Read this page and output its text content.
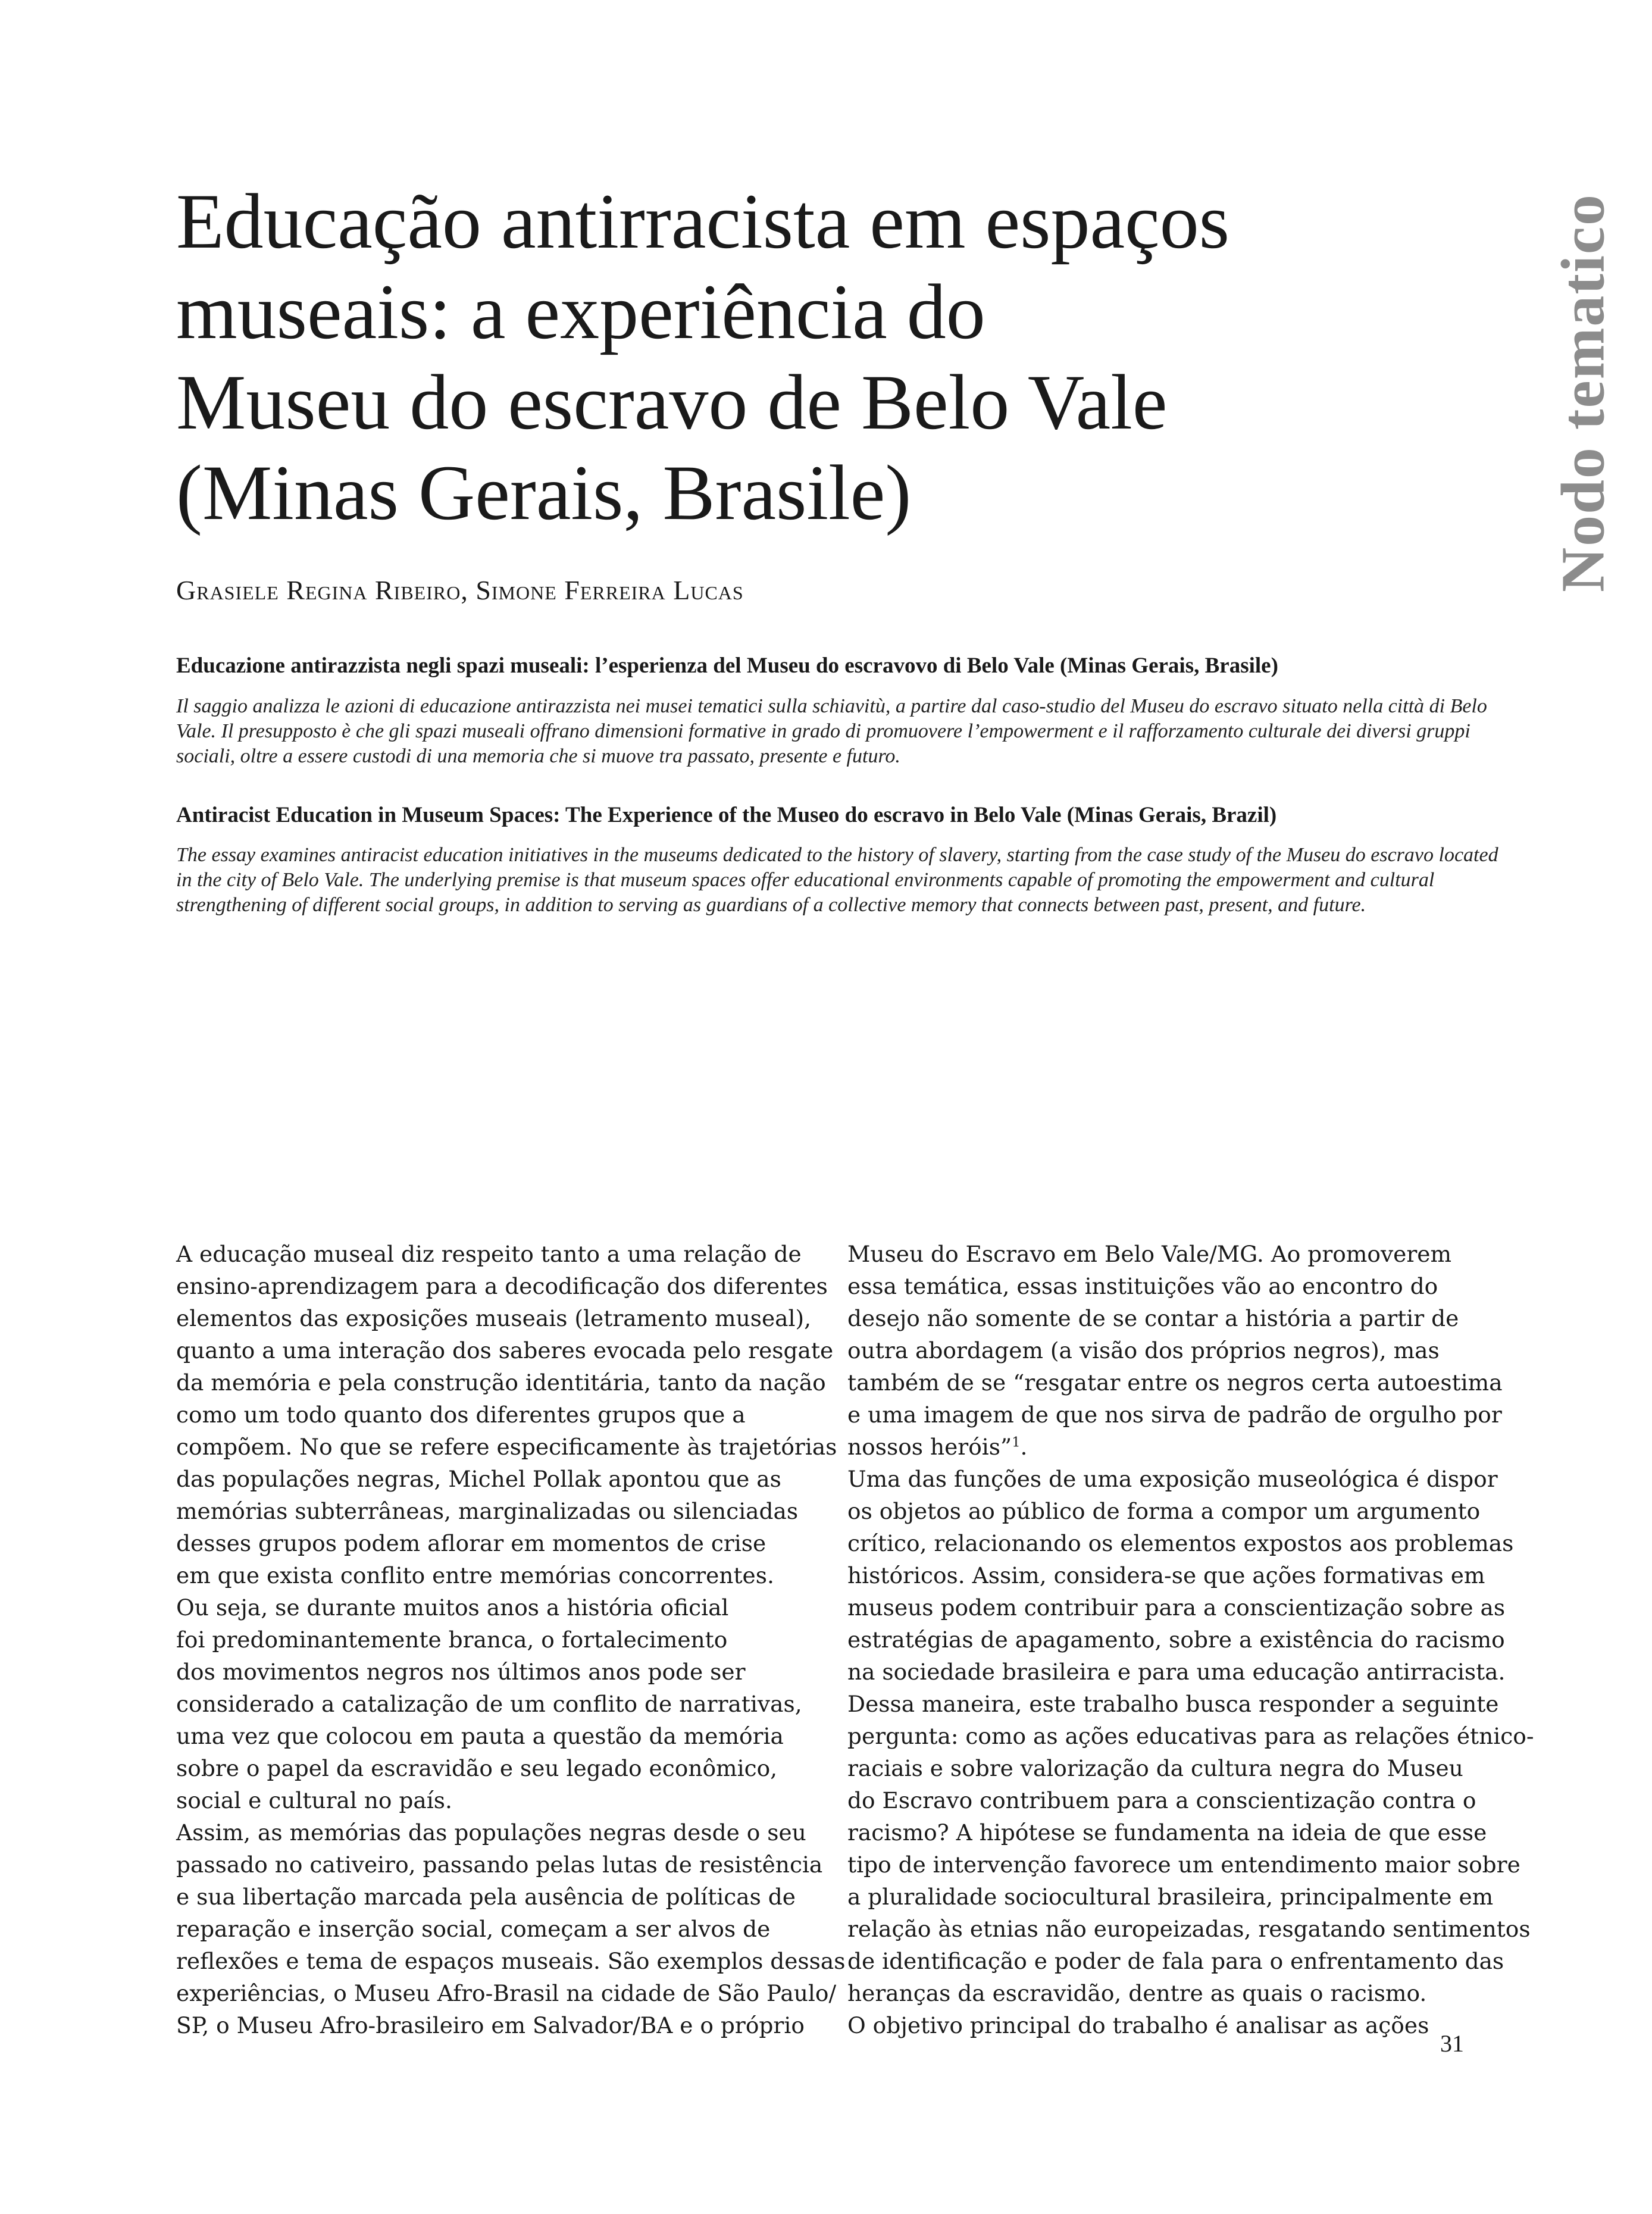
Educação antirracista em espaços
museais: a experiência do
Museu do escravo de Belo Vale
(Minas Gerais, Brasile)	Nodo tematico
Grasiele Regina Ribeiro, Simone Ferreira Lucas
Educazione antirazzista negli spazi museali: l’esperienza del Museu do escravovo di Belo Vale (Minas Gerais, Brasile)
Il saggio analizza le azioni di educazione antirazzista nei musei tematici sulla schiavitù, a partire dal caso-studio del Museu do escravo situato nella città di Belo
Vale. Il presupposto è che gli spazi museali offrano dimensioni formative in grado di promuovere l’empowerment e il rafforzamento culturale dei diversi gruppi
sociali, oltre a essere custodi di una memoria che si muove tra passato, presente e futuro.
Antiracist Education in Museum Spaces: The Experience of the Museo do escravo in Belo Vale (Minas Gerais, Brazil)
The essay examines antiracist education initiatives in the museums dedicated to the history of slavery, starting from the case study of the Museu do escravo located
in the city of Belo Vale. The underlying premise is that museum spaces offer educational environments capable of promoting the empowerment and cultural
strengthening of different social groups, in addition to serving as guardians of a collective memory that connects between past, present, and future.
A educação museal diz respeito tanto a uma relação de
ensino-aprendizagem para a decodificação dos diferentes
elementos das exposições museais (letramento museal),
quanto a uma interação dos saberes evocada pelo resgate
da memória e pela construção identitária, tanto da nação
como um todo quanto dos diferentes grupos que a
compõem. No que se refere especificamente às trajetórias
das populações negras, Michel Pollak apontou que as
memórias subterrâneas, marginalizadas ou silenciadas
desses grupos podem aflorar em momentos de crise
em que exista conflito entre memórias concorrentes.
Ou seja, se durante muitos anos a história oficial
foi predominantemente branca, o fortalecimento
dos movimentos negros nos últimos anos pode ser
considerado a catalização de um conflito de narrativas,
uma vez que colocou em pauta a questão da memória
sobre o papel da escravidão e seu legado econômico,
social e cultural no país.
Assim, as memórias das populações negras desde o seu
passado no cativeiro, passando pelas lutas de resistência
e sua libertação marcada pela ausência de políticas de
reparação e inserção social, começam a ser alvos de
reflexões e tema de espaços museais. São exemplos dessas
experiências, o Museu Afro-Brasil na cidade de São Paulo/
SP, o Museu Afro-brasileiro em Salvador/BA e o próprio
Museu do Escravo em Belo Vale/MG. Ao promoverem
essa temática, essas instituições vão ao encontro do
desejo não somente de se contar a história a partir de
outra abordagem (a visão dos próprios negros), mas
também de se “resgatar entre os negros certa autoestima
e uma imagem de que nos sirva de padrão de orgulho por
nossos heróis”$^1$.
Uma das funções de uma exposição museológica é dispor
os objetos ao público de forma a compor um argumento
crítico, relacionando os elementos expostos aos problemas
históricos. Assim, considera-se que ações formativas em
museus podem contribuir para a conscientização sobre as
estratégias de apagamento, sobre a existência do racismo
na sociedade brasileira e para uma educação antirracista.
Dessa maneira, este trabalho busca responder a seguinte
pergunta: como as ações educativas para as relações étnico-
raciais e sobre valorização da cultura negra do Museu
do Escravo contribuem para a conscientização contra o
racismo? A hipótese se fundamenta na ideia de que esse
tipo de intervenção favorece um entendimento maior sobre
a pluralidade sociocultural brasileira, principalmente em
relação às etnias não europeizadas, resgatando sentimentos
de identificação e poder de fala para o enfrentamento das
heranças da escravidão, dentre as quais o racismo.
O objetivo principal do trabalho é analisar as ações
31
